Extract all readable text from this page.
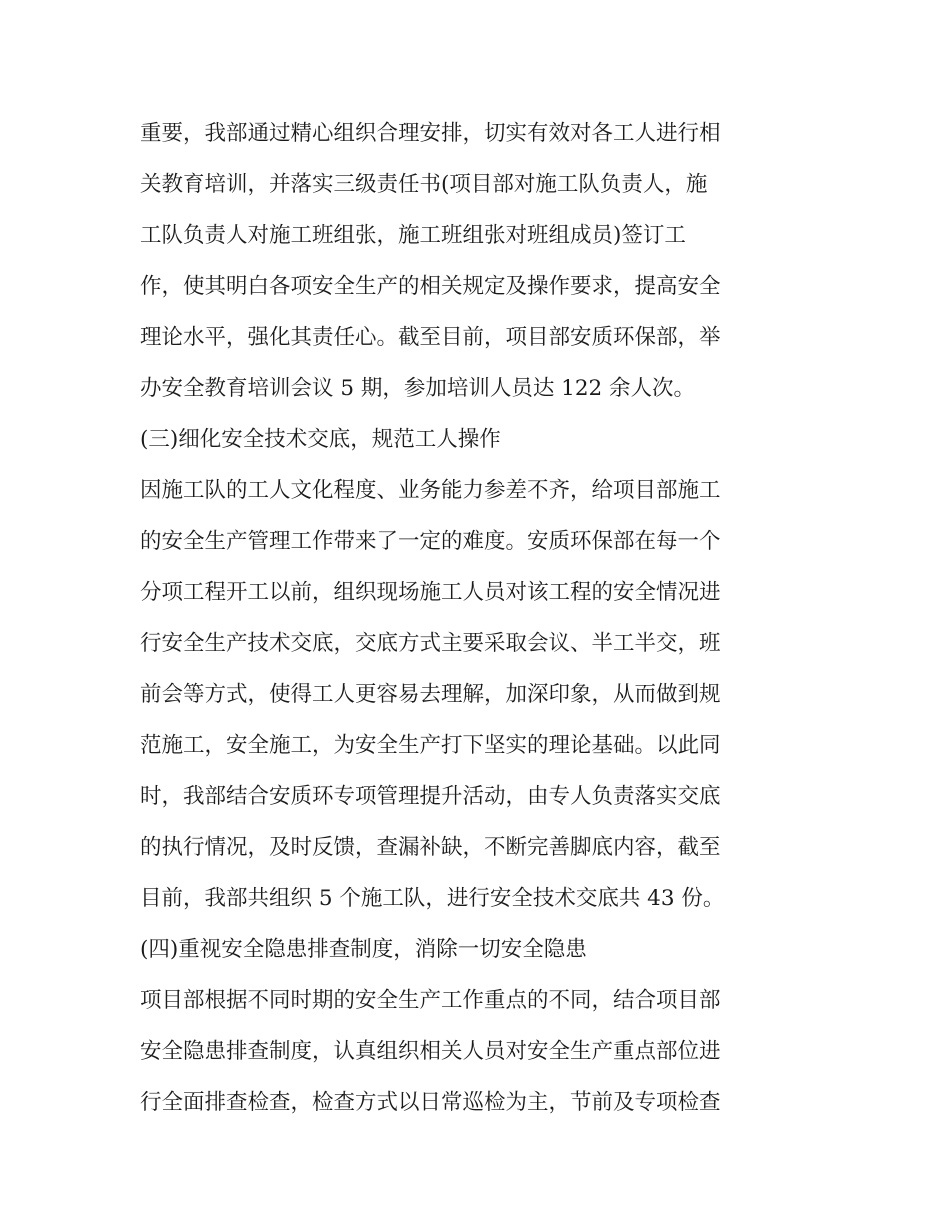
重要，我部通过精心组织合理安排，切实有效对各工人进行相
关教育培训，并落实三级责任书(项目部对施工队负责人，施
工队负责人对施工班组张，施工班组张对班组成员)签订工
作，使其明白各项安全生产的相关规定及操作要求，提高安全
理论水平，强化其责任心。截至目前，项目部安质环保部，举
办安全教育培训会议 5 期，参加培训人员达 122 余人次。
(三)细化安全技术交底，规范工人操作
因施工队的工人文化程度、业务能力参差不齐，给项目部施工
的安全生产管理工作带来了一定的难度。安质环保部在每一个
分项工程开工以前，组织现场施工人员对该工程的安全情况进
行安全生产技术交底，交底方式主要采取会议、半工半交，班
前会等方式，使得工人更容易去理解，加深印象，从而做到规
范施工，安全施工，为安全生产打下坚实的理论基础。以此同
时，我部结合安质环专项管理提升活动，由专人负责落实交底
的执行情况，及时反馈，查漏补缺，不断完善脚底内容，截至
目前，我部共组织 5 个施工队，进行安全技术交底共 43 份。
(四)重视安全隐患排查制度，消除一切安全隐患
项目部根据不同时期的安全生产工作重点的不同，结合项目部
安全隐患排查制度，认真组织相关人员对安全生产重点部位进
行全面排查检查，检查方式以日常巡检为主，节前及专项检查
